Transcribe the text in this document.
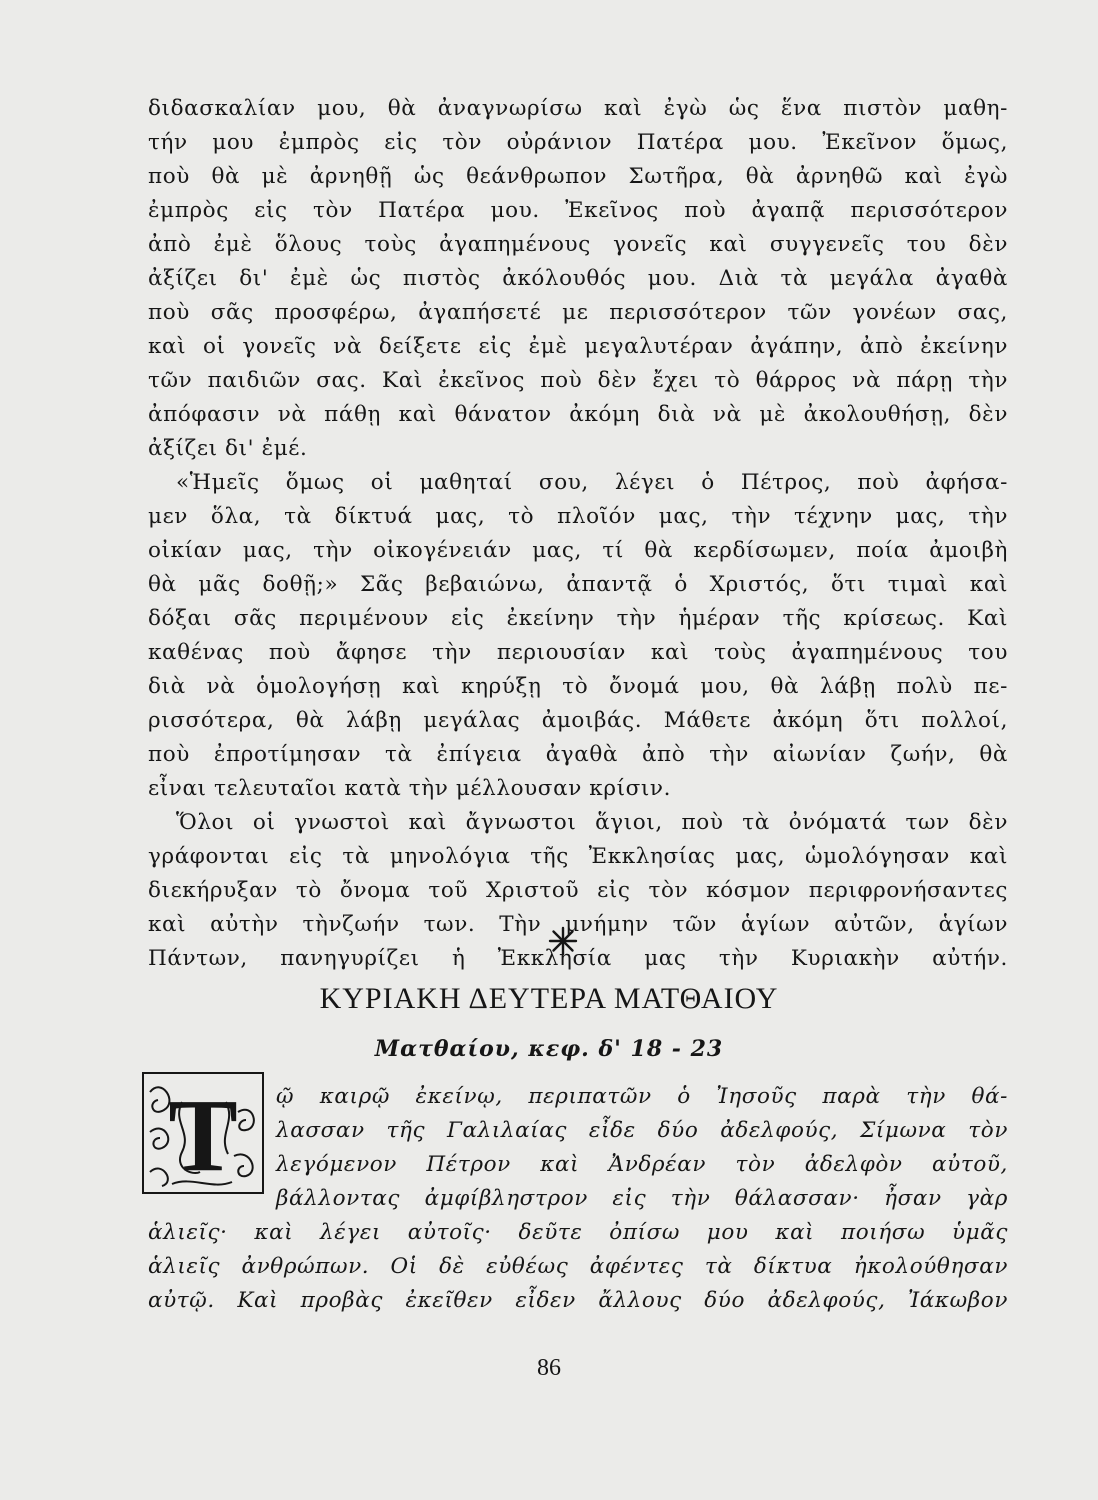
διδασκαλίαν μου, θὰ ἀναγνωρίσω καὶ ἐγὼ ὡς ἕνα πιστὸν μαθη-
τήν μου ἐμπρὸς εἰς τὸν οὐράνιον Πατέρα μου. Ἐκεῖνον ὅμως,
ποὺ θὰ μὲ ἀρνηθῇ ὡς θεάνθρωπον Σωτῆρα, θὰ ἀρνηθῶ καὶ ἐγὼ
ἐμπρὸς εἰς τὸν Πατέρα μου. Ἐκεῖνος ποὺ ἀγαπᾷ περισσότερον
ἀπὸ ἐμὲ ὅλους τοὺς ἀγαπημένους γονεῖς καὶ συγγενεῖς του δὲν
ἀξίζει δι' ἐμὲ ὡς πιστὸς ἀκόλουθός μου. Διὰ τὰ μεγάλα ἀγαθὰ
ποὺ σᾶς προσφέρω, ἀγαπήσετέ με περισσότερον τῶν γονέων σας,
καὶ οἱ γονεῖς νὰ δείξετε εἰς ἐμὲ μεγαλυτέραν ἀγάπην, ἀπὸ ἐκείνην
τῶν παιδιῶν σας. Καὶ ἐκεῖνος ποὺ δὲν ἔχει τὸ θάρρος νὰ πάρῃ τὴν
ἀπόφασιν νὰ πάθῃ καὶ θάνατον ἀκόμη διὰ νὰ μὲ ἀκολουθήσῃ, δὲν
ἀξίζει δι' ἐμέ.
«Ἡμεῖς ὅμως οἱ μαθηταί σου, λέγει ὁ Πέτρος, ποὺ ἀφήσα-
μεν ὅλα, τὰ δίκτυά μας, τὸ πλοῖόν μας, τὴν τέχνην μας, τὴν
οἰκίαν μας, τὴν οἰκογένειάν μας, τί θὰ κερδίσωμεν, ποία ἀμοιβὴ
θὰ μᾶς δοθῇ;» Σᾶς βεβαιώνω, ἀπαντᾷ ὁ Χριστός, ὅτι τιμαὶ καὶ
δόξαι σᾶς περιμένουν εἰς ἐκείνην τὴν ἡμέραν τῆς κρίσεως. Καὶ
καθένας ποὺ ἄφησε τὴν περιουσίαν καὶ τοὺς ἀγαπημένους του
διὰ νὰ ὁμολογήσῃ καὶ κηρύξῃ τὸ ὄνομά μου, θὰ λάβῃ πολὺ πε-
ρισσότερα, θὰ λάβῃ μεγάλας ἀμοιβάς. Μάθετε ἀκόμη ὅτι πολλοί,
ποὺ ἐπροτίμησαν τὰ ἐπίγεια ἀγαθὰ ἀπὸ τὴν αἰωνίαν ζωήν, θὰ
εἶναι τελευταῖοι κατὰ τὴν μέλλουσαν κρίσιν.
Ὅλοι οἱ γνωστοὶ καὶ ἄγνωστοι ἅγιοι, ποὺ τὰ ὀνόματά των δὲν
γράφονται εἰς τὰ μηνολόγια τῆς Ἐκκλησίας μας, ὡμολόγησαν καὶ
διεκήρυξαν τὸ ὄνομα τοῦ Χριστοῦ εἰς τὸν κόσμον περιφρονήσαντες
καὶ αὐτὴν τὴνζωήν των. Τὴν μνήμην τῶν ἁγίων αὐτῶν, ἁγίων
Πάντων, πανηγυρίζει ἡ Ἐκκλησία μας τὴν Κυριακὴν αὐτήν.
ΚΥΡΙΑΚΗ ΔΕΥΤΕΡΑ ΜΑΤΘΑΙΟΥ
Ματθαίου, κεφ. δ' 18 - 23
T ῷ καιρῷ ἐκείνῳ, περιπατῶν ὁ Ἰησοῦς παρὰ τὴν θά-
λασσαν τῆς Γαλιλαίας εἶδε δύο ἀδελφούς, Σίμωνα τὸν
λεγόμενον Πέτρον καὶ Ἀνδρέαν τὸν ἀδελφὸν αὐτοῦ,
βάλλοντας ἀμφίβληστρον εἰς τὴν θάλασσαν· ἦσαν γὰρ
ἁλιεῖς· καὶ λέγει αὐτοῖς· δεῦτε ὀπίσω μου καὶ ποιήσω ὑμᾶς
ἁλιεῖς ἀνθρώπων. Οἱ δὲ εὐθέως ἀφέντες τὰ δίκτυα ἠκολούθησαν
αὐτῷ. Καὶ προβὰς ἐκεῖθεν εἶδεν ἄλλους δύο ἀδελφούς, Ἰάκωβον
86
